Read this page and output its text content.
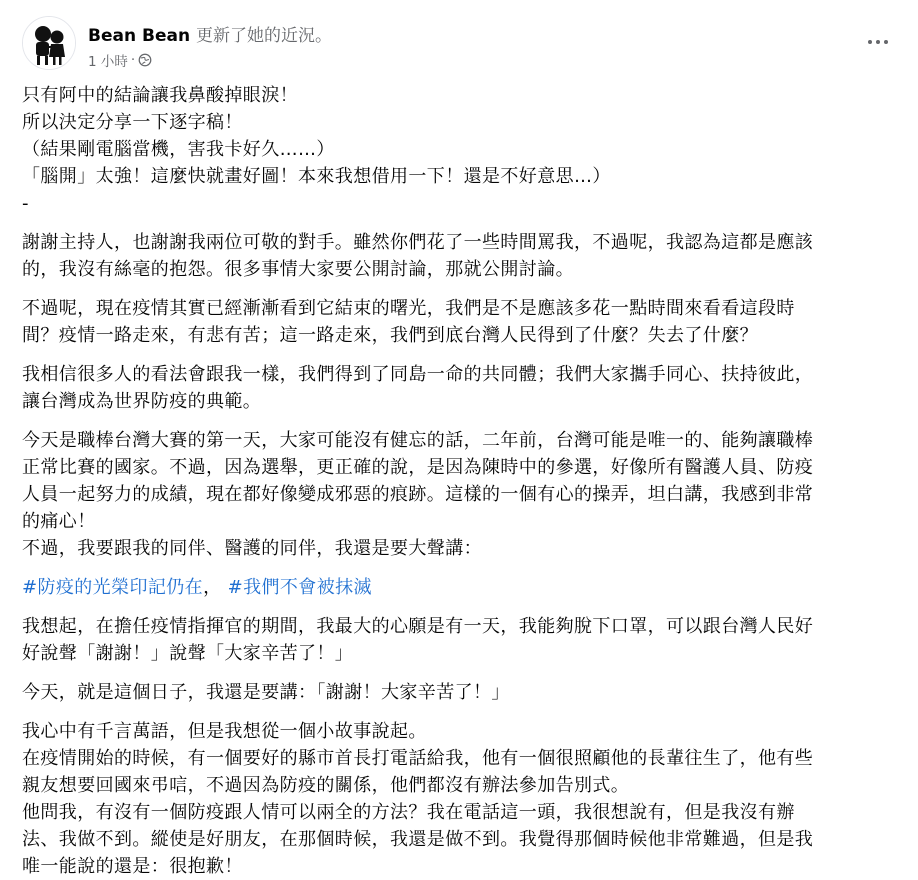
Bean Bean 更新了她的近況。
1 小時 ·
只有阿中的結論讓我鼻酸掉眼淚！
所以決定分享一下逐字稿！
（結果剛電腦當機，害我卡好久……）
「腦開」太強！這麼快就畫好圖！本來我想借用一下！還是不好意思…）
-
謝謝主持人，也謝謝我兩位可敬的對手。雖然你們花了一些時間罵我，不過呢，我認為這都是應該
的，我沒有絲毫的抱怨。很多事情大家要公開討論，那就公開討論。
不過呢，現在疫情其實已經漸漸看到它結束的曙光，我們是不是應該多花一點時間來看看這段時
間？疫情一路走來，有悲有苦；這一路走來，我們到底台灣人民得到了什麼？失去了什麼？
我相信很多人的看法會跟我一樣，我們得到了同島一命的共同體；我們大家攜手同心、扶持彼此，
讓台灣成為世界防疫的典範。
今天是職棒台灣大賽的第一天，大家可能沒有健忘的話，二年前，台灣可能是唯一的、能夠讓職棒
正常比賽的國家。不過，因為選舉，更正確的說，是因為陳時中的參選，好像所有醫護人員、防疫
人員一起努力的成績，現在都好像變成邪惡的痕跡。這樣的一個有心的操弄，坦白講，我感到非常
的痛心！
不過，我要跟我的同伴、醫護的同伴，我還是要大聲講：
#防疫的光榮印記仍在， #我們不會被抹滅
我想起，在擔任疫情指揮官的期間，我最大的心願是有一天，我能夠脫下口罩，可以跟台灣人民好
好說聲「謝謝！」說聲「大家辛苦了！」
今天，就是這個日子，我還是要講：「謝謝！大家辛苦了！」
我心中有千言萬語，但是我想從一個小故事說起。
在疫情開始的時候，有一個要好的縣市首長打電話給我，他有一個很照顧他的長輩往生了，他有些
親友想要回國來弔唁，不過因為防疫的關係，他們都沒有辦法參加告別式。
他問我，有沒有一個防疫跟人情可以兩全的方法？我在電話這一頭，我很想說有，但是我沒有辦
法、我做不到。縱使是好朋友，在那個時候，我還是做不到。我覺得那個時候他非常難過，但是我
唯一能說的還是：很抱歉！
